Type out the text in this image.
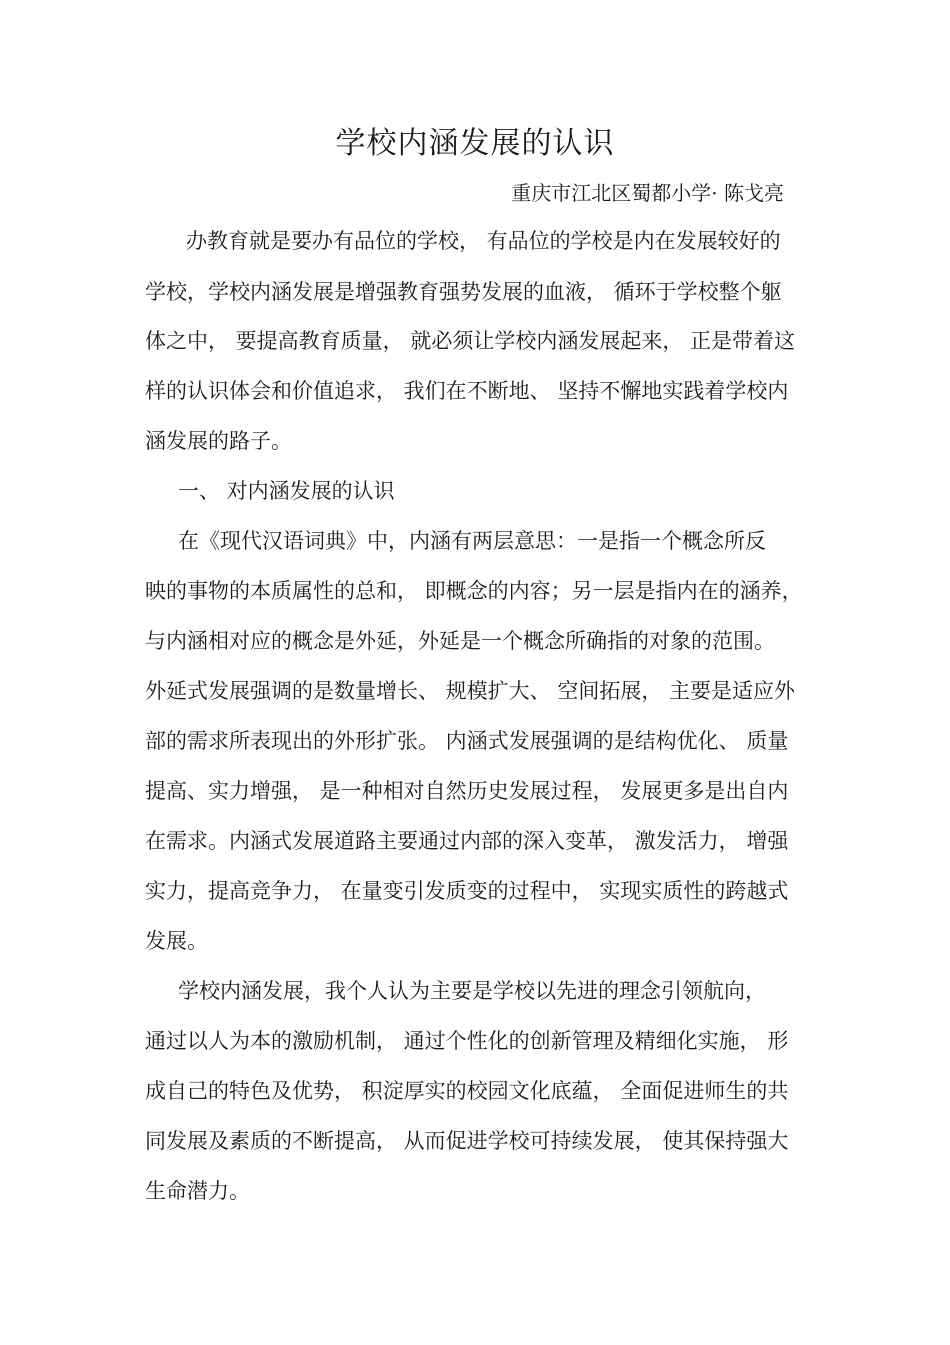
学校内涵发展的认识
重庆市江北区蜀都小学· 陈戈亮
办教育就是要办有品位的学校， 有品位的学校是内在发展较好的
学校，学校内涵发展是增强教育强势发展的血液， 循环于学校整个躯
体之中， 要提高教育质量， 就必须让学校内涵发展起来， 正是带着这
样的认识体会和价值追求， 我们在不断地、 坚持不懈地实践着学校内
涵发展的路子。
一、 对内涵发展的认识
在《现代汉语词典》中，内涵有两层意思：一是指一个概念所反
映的事物的本质属性的总和， 即概念的内容；另一层是指内在的涵养，
与内涵相对应的概念是外延，外延是一个概念所确指的对象的范围。
外延式发展强调的是数量增长、 规模扩大、 空间拓展， 主要是适应外
部的需求所表现出的外形扩张。 内涵式发展强调的是结构优化、 质量
提高、实力增强， 是一种相对自然历史发展过程， 发展更多是出自内
在需求。内涵式发展道路主要通过内部的深入变革， 激发活力， 增强
实力，提高竞争力， 在量变引发质变的过程中， 实现实质性的跨越式
发展。
学校内涵发展，我个人认为主要是学校以先进的理念引领航向，
通过以人为本的激励机制， 通过个性化的创新管理及精细化实施， 形
成自己的特色及优势， 积淀厚实的校园文化底蕴， 全面促进师生的共
同发展及素质的不断提高， 从而促进学校可持续发展， 使其保持强大
生命潜力。
